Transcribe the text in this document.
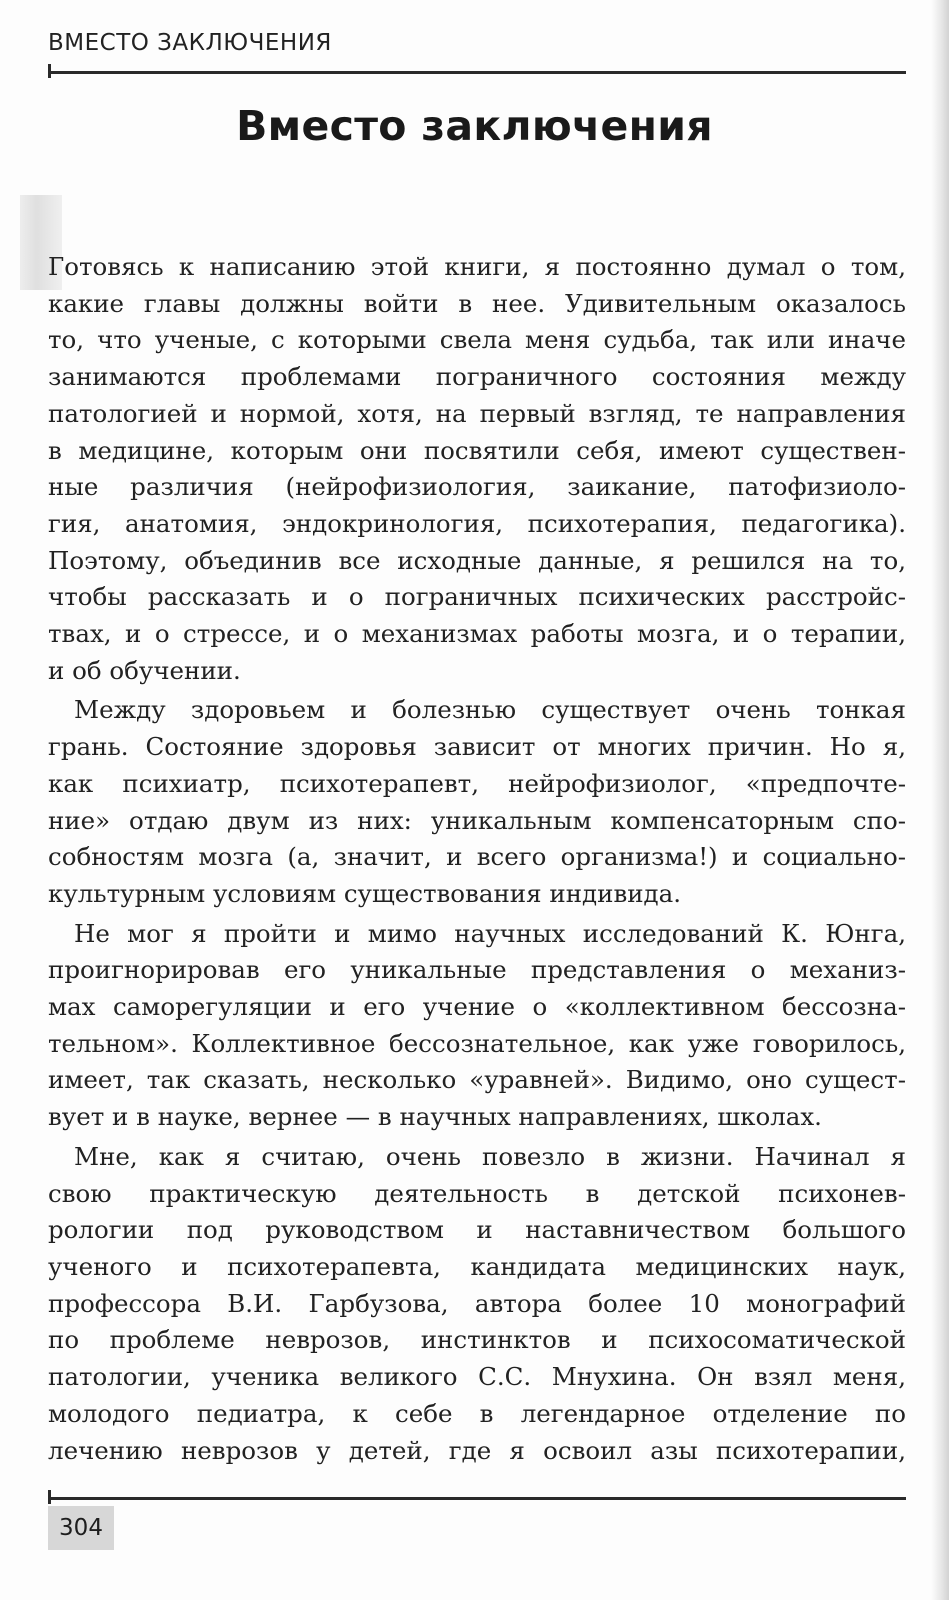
ВМЕСТО ЗАКЛЮЧЕНИЯ
Вместо заключения

Готовясь к написанию этой книги, я постоянно думал о том,

какие главы должны войти в нее. Удивительным оказалось

то, что ученые, с которыми свела меня судьба, так или иначе

занимаются проблемами пограничного состояния между

патологией и нормой, хотя, на первый взгляд, те направления

в медицине, которым они посвятили себя, имеют существен-

ные различия (нейрофизиология, заикание, патофизиоло-

гия, анатомия, эндокринология, психотерапия, педагогика).

Поэтому, объединив все исходные данные, я решился на то,

чтобы рассказать и о пограничных психических расстройс-

твах, и о стрессе, и о механизмах работы мозга, и о терапии,

и об обучении.

Между здоровьем и болезнью существует очень тонкая

грань. Состояние здоровья зависит от многих причин. Но я,

как психиатр, психотерапевт, нейрофизиолог, «предпочте-

ние» отдаю двум из них: уникальным компенсаторным спо-

собностям мозга (а, значит, и всего организма!) и социально-

культурным условиям существования индивида.

Не мог я пройти и мимо научных исследований К. Юнга,

проигнорировав его уникальные представления о механиз-

мах саморегуляции и его учение о «коллективном бессозна-

тельном». Коллективное бессознательное, как уже говорилось,

имеет, так сказать, несколько «уравней». Видимо, оно сущест-

вует и в науке, вернее — в научных направлениях, школах.

Мне, как я считаю, очень повезло в жизни. Начинал я

свою практическую деятельность в детской психонев-

рологии под руководством и наставничеством большого

ученого и психотерапевта, кандидата медицинских наук,

профессора В.И. Гарбузова, автора более 10 монографий

по проблеме неврозов, инстинктов и психосоматической

патологии, ученика великого С.С. Мнухина. Он взял меня,

молодого педиатра, к себе в легендарное отделение по

лечению неврозов у детей, где я освоил азы психотерапии,

304
